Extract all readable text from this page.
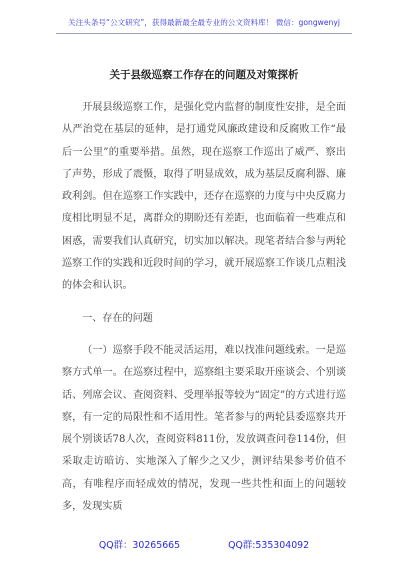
关注头条号“公文研究”，获得最新最全最专业的公文资料库！ 微信：gongwenyj
关于县级巡察工作存在的问题及对策探析

开展县级巡察工作，是强化党内监督的制度性安排，是全面从严治党在基层的延伸，是打通党风廉政建设和反腐败工作“最后一公里”的重要举措。虽然，现在巡察工作巡出了威严、察出了声势，形成了震慑，取得了明显成效，成为基层反腐利器、廉政利剑。但在巡察工作实践中，还存在巡察的力度与中央反腐力度相比明显不足，离群众的期盼还有差距，也面临着一些难点和困惑，需要我们认真研究，切实加以解决。现笔者结合参与两轮巡察工作的实践和近段时间的学习，就开展巡察工作谈几点粗浅的体会和认识。

一、存在的问题

（一）巡察手段不能灵活运用，难以找准问题线索。一是巡察方式单一。在巡察过程中，巡察组主要采取开座谈会、个别谈话、列席会议、查阅资料、受理举报等较为“固定”的方式进行巡察，有一定的局限性和不适用性。笔者参与的两轮县委巡察共开展个别谈话78人次，查阅资料811份，发放调查问卷114份，但采取走访暗访、实地深入了解少之又少，测评结果参考价值不高，有唯程序而轻成效的情况，发现一些共性和面上的问题较多，发现实质

QQ群：30265665	QQ群:535304092
